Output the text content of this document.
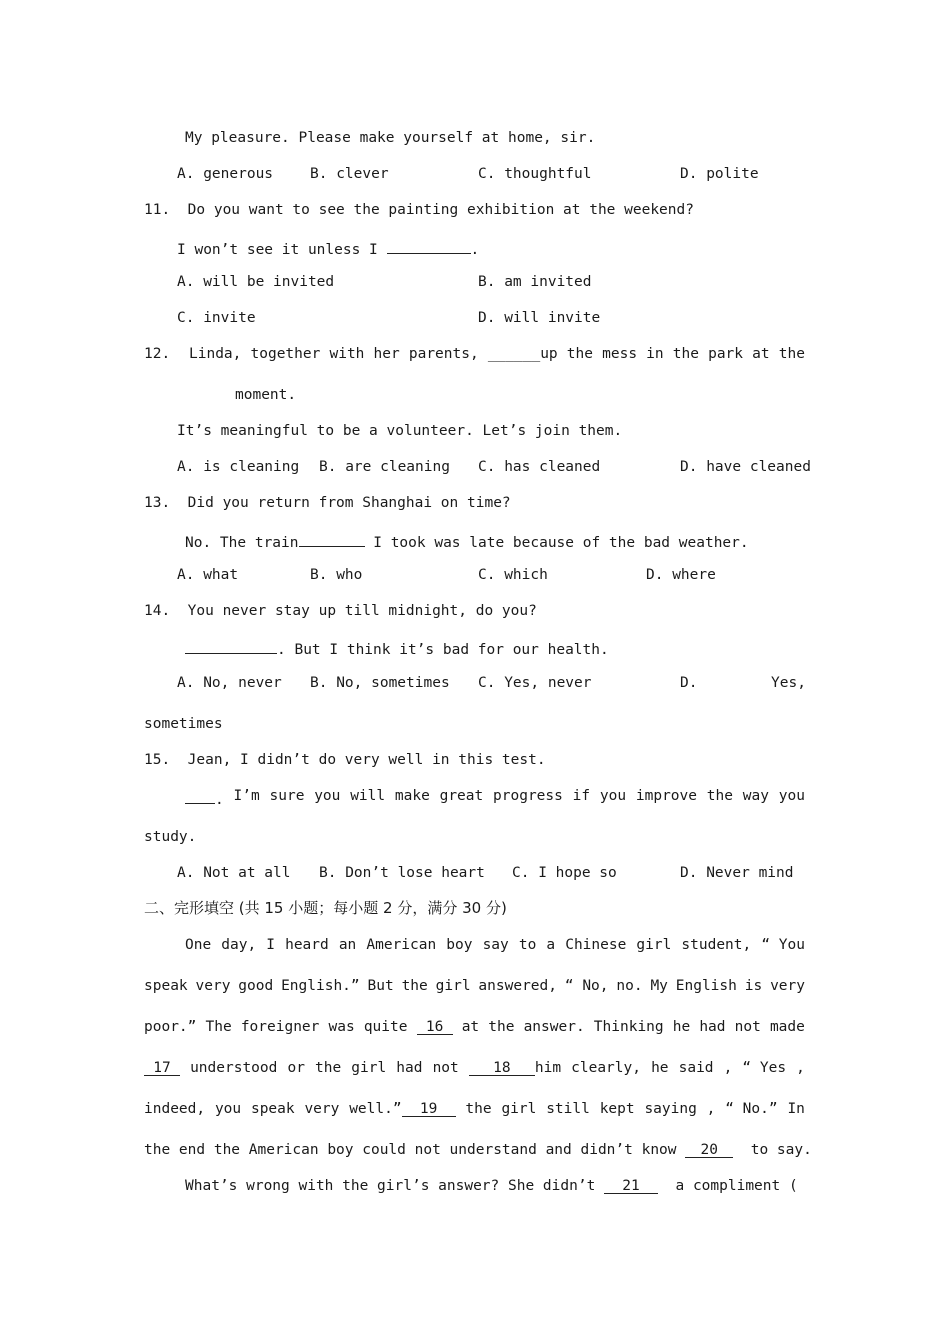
My pleasure. Please make yourself at home, sir.
A. generous	B. clever	C. thoughtful	D. polite
11.  Do you want to see the painting exhibition at the weekend?
I won’t see it unless I	.
A. will be invited	B. am invited
C. invite	D. will invite
12. Linda, together with her parents, ______up the mess in the park at the
moment.
It’s meaningful to be a volunteer. Let’s join them.
A. is cleaning B. are cleaning C. has cleaned	D. have cleaned
13.  Did you return from Shanghai on time?
No. The train	I took was late because of the bad weather.
A. what	B. who	C. which	D. where
14.  You never stay up till midnight, do you?
. But I think it’s bad for our health.
A. No, never B. No, sometimes C. Yes, never	D.	Yes,
sometimes
15.  Jean, I didn’t do very well in this test.
. I’m sure you will make great progress if you improve the way you
study.
A. Not at all B. Don’t lose heart C. I hope so	D. Never mind
二、完形填空 (共 15 小题；每小题 2 分，满分 30 分)
One day, I heard an American boy say to a Chinese girl student, “ You
speak very good English.” But the girl answered, “ No, no. My English is very
poor.” The foreigner was quite	16	at the answer. Thinking he had not made
17	understood or the girl had not	18 him clearly, he said , “ Yes ,
indeed, you speak very well.” 19	the girl still kept saying , “ No.” In
the end the American boy could not understand and didn’t know 20  to say.
What’s wrong with the girl’s answer? She didn’t 21  a compliment (
